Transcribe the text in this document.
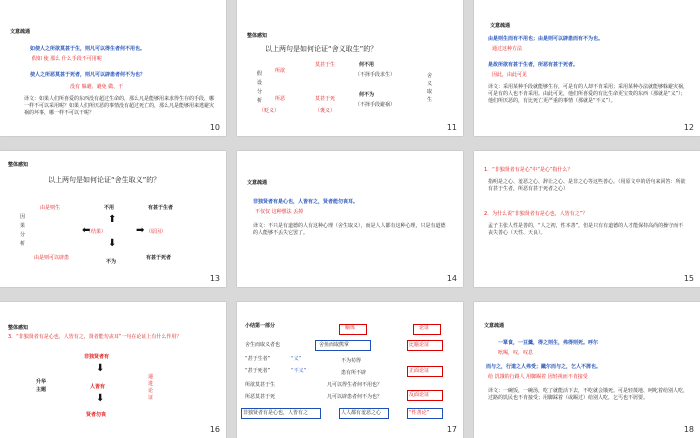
文意疏通
如使人之所欲莫甚于生，则凡可以得生者何不用也。
假如 使 那么 什么手段不可用呢
使人之所恶莫甚于死者，则凡可以辟患者何不为也？
没有 躲避、避免 做、干
译文：如果人们所喜爱的东西没有超过生命的，那么凡是能够用来求得生存的手段，哪一样不可以采用呢？如果人们所厌恶的事情没有超过死亡的，那么凡是能够用来逃避灾祸的坏事，哪一样不可以干呢？
10
整体感知
以上两句是如何论证“舍义取生”的？
假设分析
所欲
莫甚于生	何不用
（不择手段求生）
所恶
（贬义）
莫甚于死
（褒义）
何不为
（不择手段避祸）
舍义取生
11
文意疏通
由是则生而有不用也；由是则可以辟患而有不为也。
通过这种方法
是故所欲有甚于生者，所恶有甚于死者。
因此，由此可见
译文：采用某种手段就能够生存，可是有的人却不肯采用；采用某种办法就能够躲避灾祸，可是有的人也不肯采用。由此可见，他们所喜爱的有比生命更宝贵的东西（那就是“义”）；他们所厌恶的，有比死亡更严重的事情（那就是“不义”）。
12
整体感知
以上两句是如何论证“舍生取义”的？
因果分析
由是则生	不用
⬆
有甚于生者
⬅
（结果）	（原因）
➡
⬇
由是则可以辟患
不为
有甚于死者
13
文意疏通
非独贤者有是心也，人皆有之，贤者能勿丧耳。
不仅仅 这种想法 丢掉
译文：不只是有道德的人有这种心理（舍生取义），而是人人都有这种心理，只是有道德的人能够不丢失它罢了。
14
1．“非独贤者有是心”中“是心”指什么？
指明是之心、羞恶之心、辞让之心、是非之心等这些善心。（用原文中的语句来回答：所欲有甚于生者，所恶有甚于死者之心）
2．为什么说“非独贤者有是心也，人皆有之”？
孟子主张人性是善的，“人之初，性本善”，但是只有有道德的人才能保持高尚的操守而不丧失善心（天性、天良）。
15
整体感知
3．“非独贤者有是心也，人皆有之，贤者能勿丧耳”一句在论证上有什么作用？
升华主题
非独贤者有
⬇
人皆有
⬇
贤者勿丧
递进论证
16
小结第一部分	喻体	论证
舍生而取义者也	舍鱼而取熊掌	比喻论证
“甚于生者”	“义”	不为苟得
“甚于死者”	“不义”	患有所不辟	正面论证
所欲莫甚于生	凡可以得生者何不用也？
所恶莫甚于死	凡可以辟患者何不为也？	反面论证
非独贤者有是心也，人皆有之	人人都有羞恶之心	“性善论”
17
文意疏通
一箪食，一豆羹，得之则生，弗得则死。呼尔
吆喝，叹，叹息
而与之，行道之人弗受；蹴尔而与之，乞人不屑也。
给 饥饿的行路人 用脚踢着 因轻视而不肯接受
译文：一碗饭，一碗汤，吃了就能活下去，不吃就会饿死。可是轻蔑地、呵叱着给别人吃，过路的饥民也不肯接受；用脚踩着（或踢过）给别人吃，乞丐也不屑要。
18
